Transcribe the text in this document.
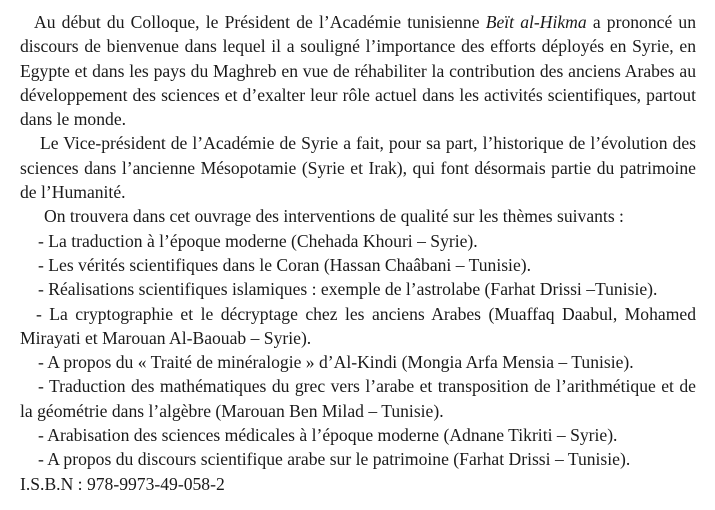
Au début du Colloque, le Président de l’Académie tunisienne Beït al-Hikma a prononcé un discours de bienvenue dans lequel il a souligné l’importance des efforts déployés en Syrie, en Egypte et dans les pays du Maghreb en vue de réhabiliter la contribution des anciens Arabes au développement des sciences et d’exalter leur rôle actuel dans les activités scientifiques, partout dans le monde.

Le Vice-président de l’Académie de Syrie a fait, pour sa part, l’historique de l’évolution des sciences dans l’ancienne Mésopotamie (Syrie et Irak), qui font désormais partie du patrimoine de l’Humanité.

On trouvera dans cet ouvrage des interventions de qualité sur les thèmes suivants :

- La traduction à l’époque moderne (Chehada Khouri – Syrie).

- Les vérités scientifiques dans le Coran (Hassan Chaâbani – Tunisie).

- Réalisations scientifiques islamiques : exemple de l’astrolabe (Farhat Drissi –Tunisie).

- La cryptographie et le décryptage chez les anciens Arabes (Muaffaq Daabul, Mohamed Mirayati et Marouan Al-Baouab – Syrie).

- A propos du « Traité de minéralogie » d’Al-Kindi (Mongia Arfa Mensia – Tunisie).

- Traduction des mathématiques du grec vers l’arabe et transposition de l’arithmétique et de la géométrie dans l’algèbre (Marouan Ben Milad – Tunisie).

- Arabisation des sciences médicales à l’époque moderne (Adnane Tikriti – Syrie).

- A propos du discours scientifique arabe sur le patrimoine (Farhat Drissi – Tunisie).

I.S.B.N : 978-9973-49-058-2
